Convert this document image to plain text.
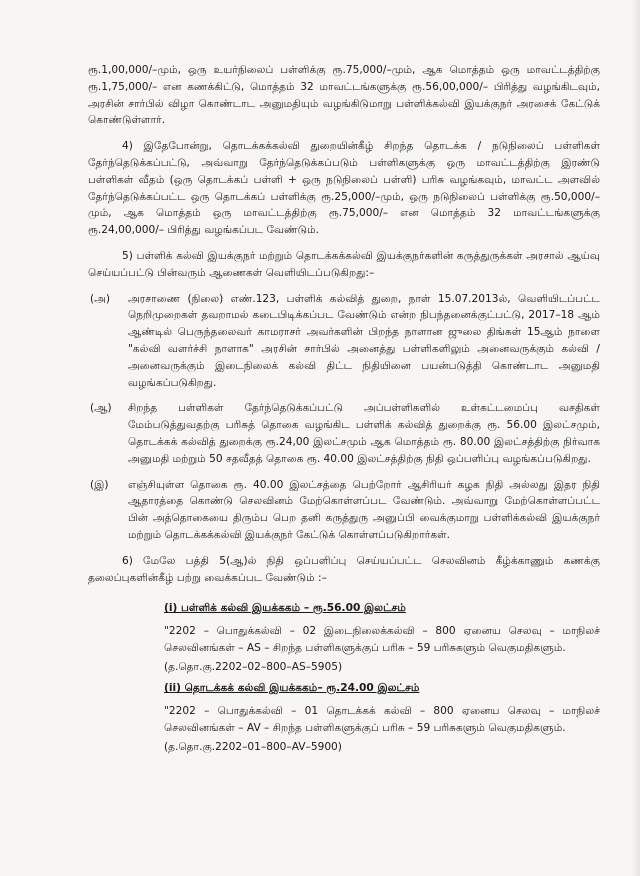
ரூ.1,00,000/–மும், ஒரு உயர்நிலைப் பள்ளிக்கு ரூ.75,000/–மும், ஆக மொத்தம் ஒரு மாவட்டத்திற்கு ரூ.1,75,000/– என கணக்கிட்டு, மொத்தம் 32 மாவட்டங்களுக்கு ரூ.56,00,000/– பிரித்து வழங்கிடவும், அரசின் சார்பில் விழா கொண்டாட அனுமதியும் வழங்கிடுமாறு பள்ளிக்கல்வி இயக்குநர் அரசைக் கேட்டுக் கொண்டுள்ளார்.

4) இதேபோன்று, தொடக்கக்கல்வி துறையின்கீழ் சிறந்த தொடக்க / நடுநிலைப் பள்ளிகள் தேர்ந்தெடுக்கப்பட்டு, அவ்வாறு தேர்ந்தெடுக்கப்படும் பள்ளிகளுக்கு ஒரு மாவட்டத்திற்கு இரண்டு பள்ளிகள் வீதம் (ஒரு தொடக்கப் பள்ளி + ஒரு நடுநிலைப் பள்ளி) பரிசு வழங்கவும், மாவட்ட அளவில் தேர்ந்தெடுக்கப்பட்ட ஒரு தொடக்கப் பள்ளிக்கு ரூ.25,000/–மும், ஒரு நடுநிலைப் பள்ளிக்கு ரூ.50,000/–மும், ஆக மொத்தம் ஒரு மாவட்டத்திற்கு ரூ.75,000/– என மொத்தம் 32 மாவட்டங்களுக்கு ரூ.24,00,000/– பிரித்து வழங்கப்பட வேண்டும்.

5) பள்ளிக் கல்வி இயக்குநர் மற்றும் தொடக்கக்கல்வி இயக்குநர்களின் கருத்துருக்கள் அரசால் ஆய்வு செய்யப்பட்டு பின்வரும் ஆணைகள் வெளியிடப்படுகிறது:–

(அ)	அரசாணை (நிலை) எண்.123, பள்ளிக் கல்வித் துறை, நாள் 15.07.2013ல், வெளியிடப்பட்ட நெறிமுறைகள் தவறாமல் கடைபிடிக்கப்பட வேண்டும் என்ற நிபந்தனைக்குட்பட்டு, 2017–18 ஆம் ஆண்டில் பெருந்தலைவர் காமராசர் அவர்களின் பிறந்த நாளான ஜுலை திங்கள் 15ஆம் நாளை "கல்வி வளர்ச்சி நாளாக" அரசின் சார்பில் அனைத்து பள்ளிகளிலும் அனைவருக்கும் கல்வி / அனைவருக்கும் இடைநிலைக் கல்வி திட்ட நிதியினை பயன்படுத்தி கொண்டாட அனுமதி வழங்கப்படுகிறது.
(ஆ)	சிறந்த பள்ளிகள் தேர்ந்தெடுக்கப்பட்டு அப்பள்ளிகளில் உள்கட்டமைப்பு வசதிகள் மேம்படுத்துவதற்கு பரிசுத் தொகை வழங்கிட பள்ளிக் கல்வித் துறைக்கு ரூ. 56.00 இலட்சமும், தொடக்கக் கல்வித் துறைக்கு ரூ.24,00 இலட்சமும் ஆக மொத்தம் ரூ. 80.00 இலட்சத்திற்கு நிர்வாக அனுமதி மற்றும் 50 சதவீதத் தொகை ரூ. 40.00 இலட்சத்திற்கு நிதி ஒப்பளிப்பு வழங்கப்படுகிறது.
(இ)	எஞ்சியுள்ள தொகை ரூ. 40.00 இலட்சத்தை பெற்றோர் ஆசிரியர் கழக நிதி அல்லது இதர நிதி ஆதாரத்தை கொண்டு செலவினம் மேற்கொள்ளப்பட வேண்டும். அவ்வாறு மேற்கொள்ளப்பட்ட பின் அத்தொகையை திரும்ப பெற தனி கருத்துரு அனுப்பி வைக்குமாறு பள்ளிக்கல்வி இயக்குநர் மற்றும் தொடக்கக்கல்வி இயக்குநர் கேட்டுக் கொள்ளப்படுகிறார்கள்.

6) மேலே பத்தி 5(ஆ)ல் நிதி ஒப்பளிப்பு செய்யப்பட்ட செலவினம் கீழ்க்காணும் கணக்கு தலைப்புகளின்கீழ் பற்று வைக்கப்பட வேண்டும் :–

(i) பள்ளிக் கல்வி இயக்ககம் – ரூ.56.00 இலட்சம்
"2202 – பொதுக்கல்வி – 02 இடைநிலைக்கல்வி – 800 ஏனைய செலவு – மாநிலச் செலவினங்கள் – AS – சிறந்த பள்ளிகளுக்குப் பரிசு – 59 பரிசுகளும் வெகுமதிகளும்.
(த.தொ.கு.2202–02–800–AS–5905)
(ii) தொடக்கக் கல்வி இயக்ககம்– ரூ.24.00 இலட்சம்
"2202 – பொதுக்கல்வி – 01 தொடக்கக் கல்வி – 800 ஏனைய செலவு – மாநிலச் செலவினங்கள் – AV – சிறந்த பள்ளிகளுக்குப் பரிசு – 59 பரிசுகளும் வெகுமதிகளும்.
(த.தொ.கு.2202–01–800–AV–5900)
